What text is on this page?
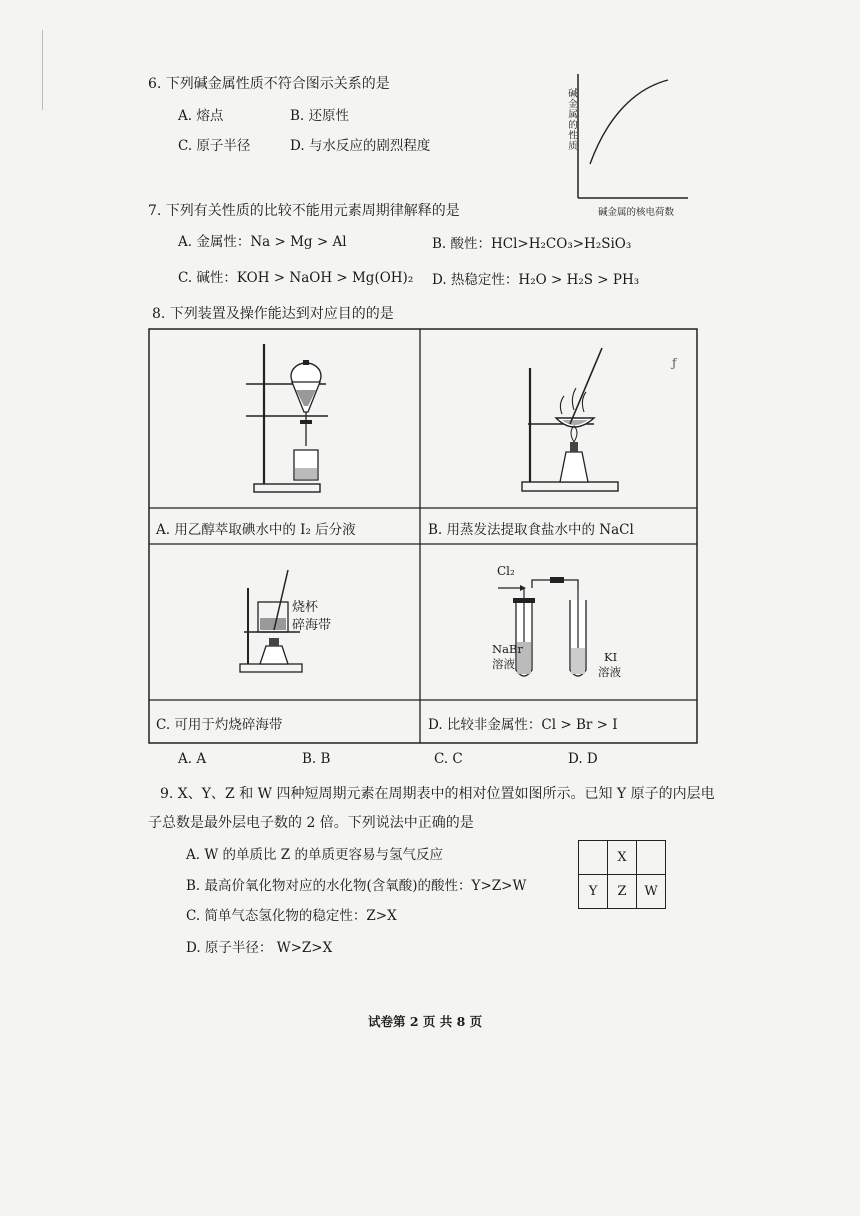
6. 下列碱金属性质不符合图示关系的是
A. 熔点	B. 还原性
C. 原子半径	D. 与水反应的剧烈程度	碱金属的性质
碱金属的核电荷数
7. 下列有关性质的比较不能用元素周期律解释的是
A. 金属性：Na > Mg > Al	B. 酸性：HCl>H₂CO₃>H₂SiO₃
C. 碱性：KOH > NaOH > Mg(OH)₂ D. 热稳定性：H₂O > H₂S > PH₃
8. 下列装置及操作能达到对应目的的是
ƒ
A. 用乙醇萃取碘水中的 I₂ 后分液	B. 用蒸发法提取食盐水中的 NaCl
烧杯
碎海带
Cl₂
NaBr
溶液	KI
溶液
C. 可用于灼烧碎海带	D. 比较非金属性：Cl > Br > I
A. A	B. B	C. C	D. D
9. X、Y、Z 和 W 四种短周期元素在周期表中的相对位置如图所示。已知 Y 原子的内层电
子总数是最外层电子数的 2 倍。下列说法中正确的是
A. W 的单质比 Z 的单质更容易与氢气反应
B. 最高价氧化物对应的水化物(含氧酸)的酸性：Y>Z>W
C. 简单气态氢化物的稳定性：Z>X
D. 原子半径： W>Z>X
	X	
Y	Z	W
试卷第 2 页 共 8 页
